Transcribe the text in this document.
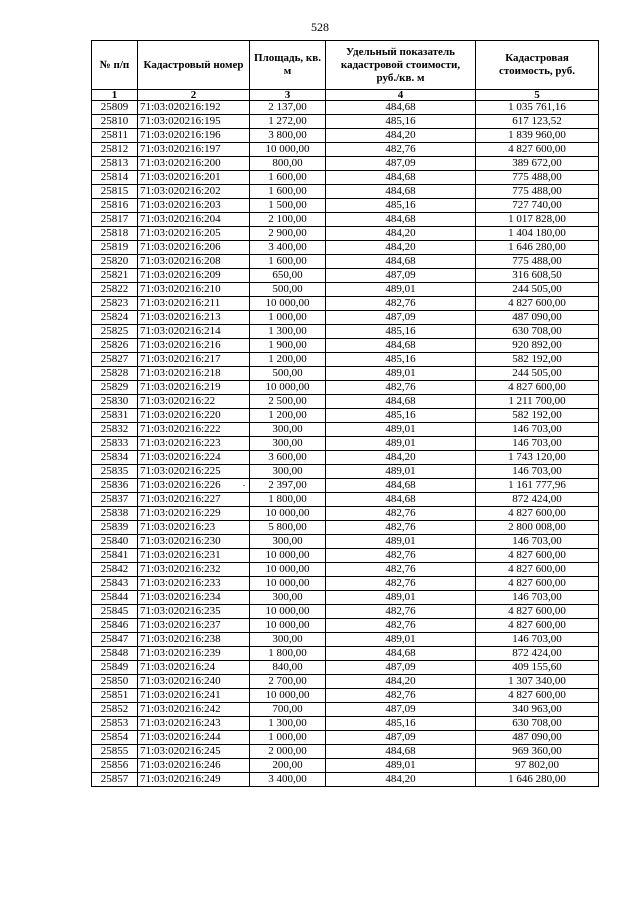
528
№ п/п	Кадастровый номер	Площадь, кв. м	Удельный показатель кадастровой стоимости, руб./кв. м	Кадастровая стоимость, руб.
1	2	3	4	5
25809	71:03:020216:192	2 137,00	484,68	1 035 761,16
25810	71:03:020216:195	1 272,00	485,16	617 123,52
25811	71:03:020216:196	3 800,00	484,20	1 839 960,00
25812	71:03:020216:197	10 000,00	482,76	4 827 600,00
25813	71:03:020216:200	800,00	487,09	389 672,00
25814	71:03:020216:201	1 600,00	484,68	775 488,00
25815	71:03:020216:202	1 600,00	484,68	775 488,00
25816	71:03:020216:203	1 500,00	485,16	727 740,00
25817	71:03:020216:204	2 100,00	484,68	1 017 828,00
25818	71:03:020216:205	2 900,00	484,20	1 404 180,00
25819	71:03:020216:206	3 400,00	484,20	1 646 280,00
25820	71:03:020216:208	1 600,00	484,68	775 488,00
25821	71:03:020216:209	650,00	487,09	316 608,50
25822	71:03:020216:210	500,00	489,01	244 505,00
25823	71:03:020216:211	10 000,00	482,76	4 827 600,00
25824	71:03:020216:213	1 000,00	487,09	487 090,00
25825	71:03:020216:214	1 300,00	485,16	630 708,00
25826	71:03:020216:216	1 900,00	484,68	920 892,00
25827	71:03:020216:217	1 200,00	485,16	582 192,00
25828	71:03:020216:218	500,00	489,01	244 505,00
25829	71:03:020216:219	10 000,00	482,76	4 827 600,00
25830	71:03:020216:22	2 500,00	484,68	1 211 700,00
25831	71:03:020216:220	1 200,00	485,16	582 192,00
25832	71:03:020216:222	300,00	489,01	146 703,00
25833	71:03:020216:223	300,00	489,01	146 703,00
25834	71:03:020216:224	3 600,00	484,20	1 743 120,00
25835	71:03:020216:225	300,00	489,01	146 703,00
25836	71:03:020216:226	2 397,00	484,68	1 161 777,96
25837	71:03:020216:227	1 800,00	484,68	872 424,00
25838	71:03:020216:229	10 000,00	482,76	4 827 600,00
25839	71:03:020216:23	5 800,00	482,76	2 800 008,00
25840	71:03:020216:230	300,00	489,01	146 703,00
25841	71:03:020216:231	10 000,00	482,76	4 827 600,00
25842	71:03:020216:232	10 000,00	482,76	4 827 600,00
25843	71:03:020216:233	10 000,00	482,76	4 827 600,00
25844	71:03:020216:234	300,00	489,01	146 703,00
25845	71:03:020216:235	10 000,00	482,76	4 827 600,00
25846	71:03:020216:237	10 000,00	482,76	4 827 600,00
25847	71:03:020216:238	300,00	489,01	146 703,00
25848	71:03:020216:239	1 800,00	484,68	872 424,00
25849	71:03:020216:24	840,00	487,09	409 155,60
25850	71:03:020216:240	2 700,00	484,20	1 307 340,00
25851	71:03:020216:241	10 000,00	482,76	4 827 600,00
25852	71:03:020216:242	700,00	487,09	340 963,00
25853	71:03:020216:243	1 300,00	485,16	630 708,00
25854	71:03:020216:244	1 000,00	487,09	487 090,00
25855	71:03:020216:245	2 000,00	484,68	969 360,00
25856	71:03:020216:246	200,00	489,01	97 802,00
25857	71:03:020216:249	3 400,00	484,20	1 646 280,00
